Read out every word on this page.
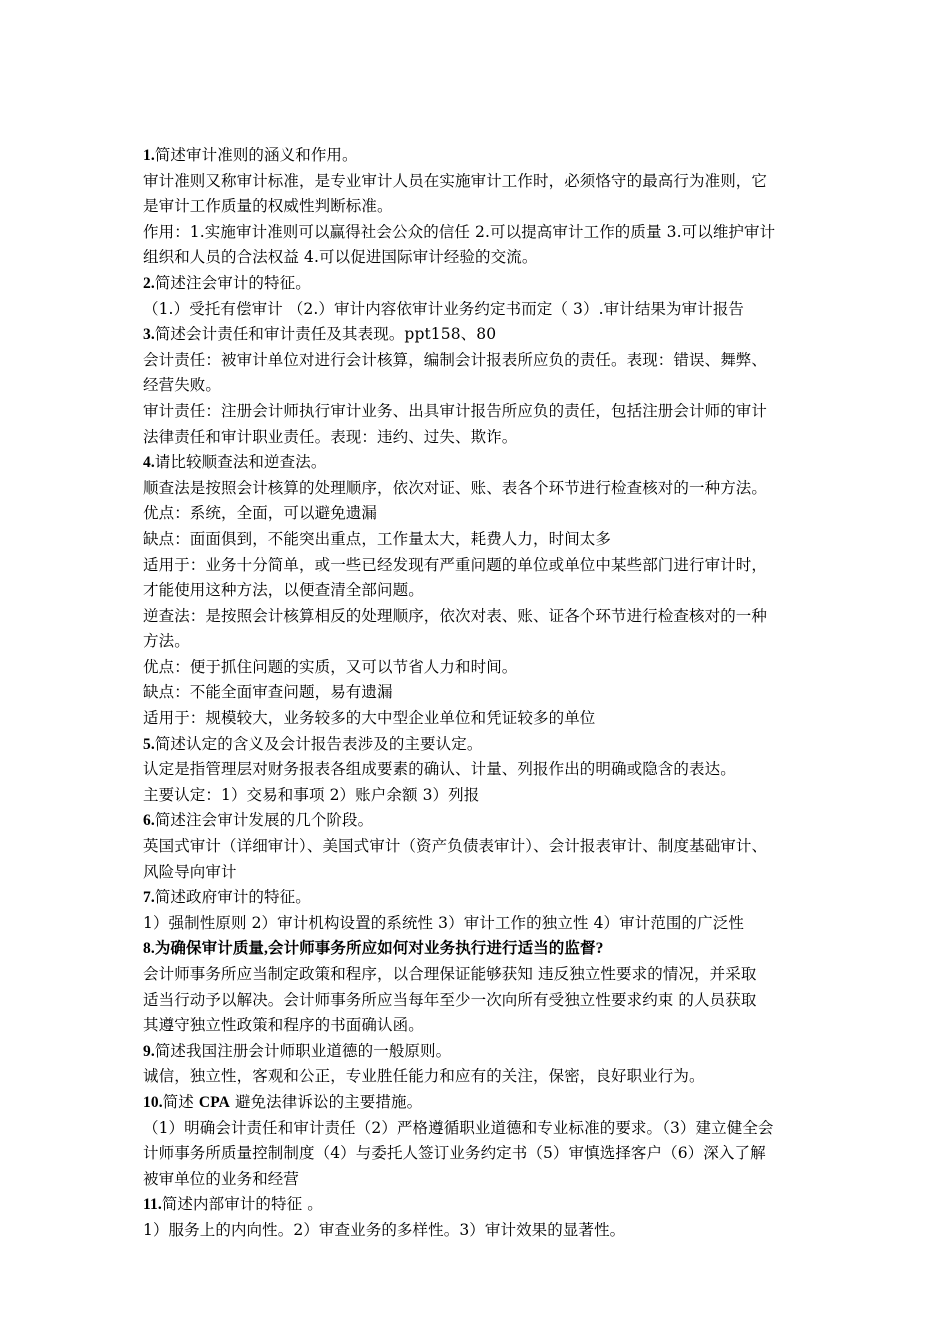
1.简述审计准则的涵义和作用。
审计准则又称审计标准，是专业审计人员在实施审计工作时，必须恪守的最高行为准则，它
是审计工作质量的权威性判断标准。
作用：1.实施审计准则可以赢得社会公众的信任 2.可以提高审计工作的质量 3.可以维护审计
组织和人员的合法权益 4.可以促进国际审计经验的交流。
2.简述注会审计的特征。
（1.）受托有偿审计 （2.）审计内容依审计业务约定书而定（ 3）.审计结果为审计报告
3.简述会计责任和审计责任及其表现。ppt158、80
会计责任：被审计单位对进行会计核算，编制会计报表所应负的责任。表现：错误、舞弊、
经营失败。
审计责任：注册会计师执行审计业务、出具审计报告所应负的责任，包括注册会计师的审计
法律责任和审计职业责任。表现：违约、过失、欺诈。
4.请比较顺查法和逆查法。
顺查法是按照会计核算的处理顺序，依次对证、账、表各个环节进行检查核对的一种方法。
优点：系统，全面，可以避免遗漏
缺点：面面俱到，不能突出重点，工作量太大，耗费人力，时间太多
适用于：业务十分简单，或一些已经发现有严重问题的单位或单位中某些部门进行审计时，
才能使用这种方法，以便查清全部问题。
逆查法：是按照会计核算相反的处理顺序，依次对表、账、证各个环节进行检查核对的一种
方法。
优点：便于抓住问题的实质，又可以节省人力和时间。
缺点：不能全面审查问题，易有遗漏
适用于：规模较大，业务较多的大中型企业单位和凭证较多的单位
5.简述认定的含义及会计报告表涉及的主要认定。
认定是指管理层对财务报表各组成要素的确认、计量、列报作出的明确或隐含的表达。
主要认定：1）交易和事项 2）账户余额 3）列报
6.简述注会审计发展的几个阶段。
英国式审计（详细审计）、美国式审计（资产负债表审计）、会计报表审计、制度基础审计、
风险导向审计
7.简述政府审计的特征。
1）强制性原则 2）审计机构设置的系统性 3）审计工作的独立性 4）审计范围的广泛性
8.为确保审计质量,会计师事务所应如何对业务执行进行适当的监督?
会计师事务所应当制定政策和程序，以合理保证能够获知 违反独立性要求的情况，并采取
适当行动予以解决。会计师事务所应当每年至少一次向所有受独立性要求约束 的人员获取
其遵守独立性政策和程序的书面确认函。
9.简述我国注册会计师职业道德的一般原则。
诚信，独立性，客观和公正，专业胜任能力和应有的关注，保密，良好职业行为。
10.简述 CPA 避免法律诉讼的主要措施。
（1）明确会计责任和审计责任（2）严格遵循职业道德和专业标准的要求。（3）建立健全会
计师事务所质量控制制度（4）与委托人签订业务约定书（5）审慎选择客户（6）深入了解
被审单位的业务和经营
11.简述内部审计的特征 。
1）服务上的内向性。2）审查业务的多样性。3）审计效果的显著性。
